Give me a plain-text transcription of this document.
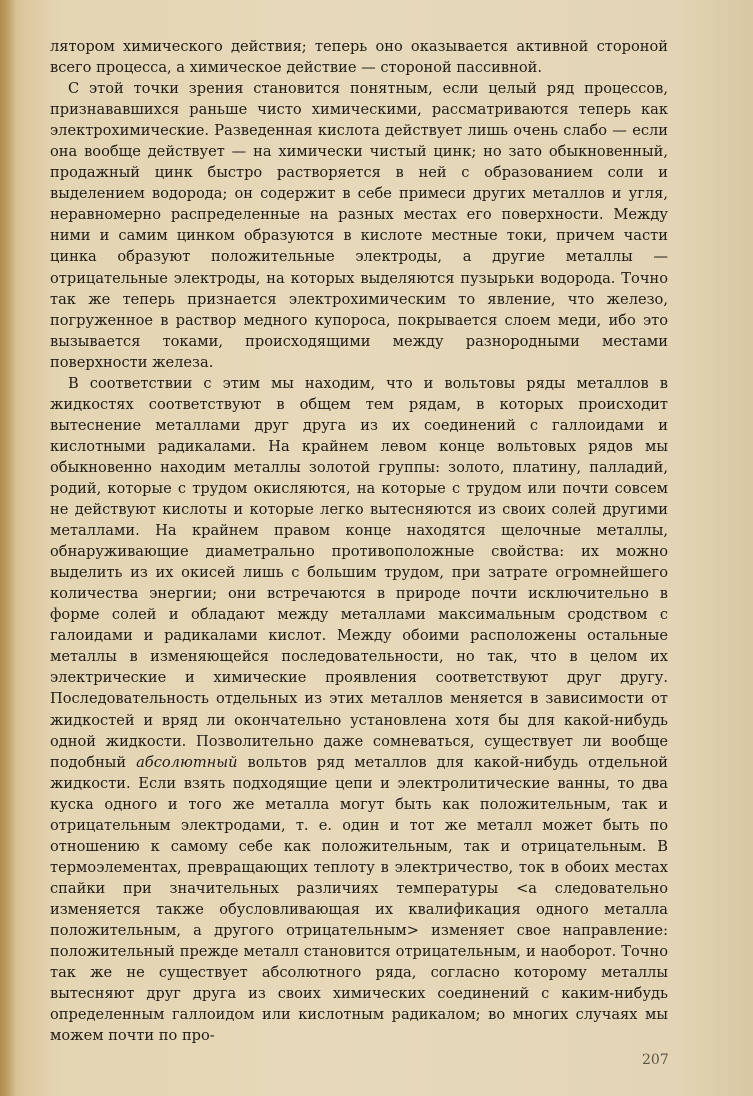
лятором химического действия; теперь оно оказывается активной стороной всего процесса, а химическое действие — стороной пассивной.

С этой точки зрения становится понятным, если целый ряд процессов, признававшихся раньше чисто химическими, рассматриваются теперь как электрохимические. Разведенная кислота действует лишь очень слабо — если она вообще действует — на химически чистый цинк; но зато обыкновенный, продажный цинк быстро растворяется в ней с образованием соли и выделением водорода; он содержит в себе примеси других металлов и угля, неравномерно распределенные на разных местах его поверхности. Между ними и самим цинком образуются в кислоте местные токи, причем части цинка образуют положительные электроды, а другие металлы — отрицательные электроды, на которых выделяются пузырьки водорода. Точно так же теперь признается электрохимическим то явление, что железо, погруженное в раствор медного купороса, покрывается слоем меди, ибо это вызывается токами, происходящими между разнородными местами поверхности железа.

В соответствии с этим мы находим, что и вольтовы ряды металлов в жидкостях соответствуют в общем тем рядам, в которых происходит вытеснение металлами друг друга из их соединений с галлоидами и кислотными радикалами. На крайнем левом конце вольтовых рядов мы обыкновенно находим металлы золотой группы: золото, платину, палладий, родий, которые с трудом окисляются, на которые с трудом или почти совсем не действуют кислоты и которые легко вытесняются из своих солей другими металлами. На крайнем правом конце находятся щелочные металлы, обнаруживающие диаметрально противоположные свойства: их можно выделить из их окисей лишь с большим трудом, при затрате огромнейшего количества энергии; они встречаются в природе почти исключительно в форме солей и обладают между металлами максимальным сродством с галоидами и радикалами кислот. Между обоими расположены остальные металлы в изменяющейся последовательности, но так, что в целом их электрические и химические проявления соответствуют друг другу. Последовательность отдельных из этих металлов меняется в зависимости от жидкостей и вряд ли окончательно установлена хотя бы для какой-нибудь одной жидкости. Позволительно даже сомневаться, существует ли вообще подобный абсолютный вольтов ряд металлов для какой-нибудь отдельной жидкости. Если взять подходящие цепи и электролитические ванны, то два куска одного и того же металла могут быть как положительным, так и отрицательным электродами, т. е. один и тот же металл может быть по отношению к самому себе как положительным, так и отрицательным. В термоэлементах, превращающих теплоту в электричество, ток в обоих местах спайки при значительных различиях температуры <а следовательно изменяется также обусловливающая их квалификация одного металла положительным, а другого отрицательным> изменяет свое направление: положительный прежде металл становится отрицательным, и наоборот. Точно так же не существует абсолютного ряда, согласно которому металлы вытесняют друг друга из своих химических соединений с каким-нибудь определенным галлоидом или кислотным радикалом; во многих случаях мы можем почти по про-

207
